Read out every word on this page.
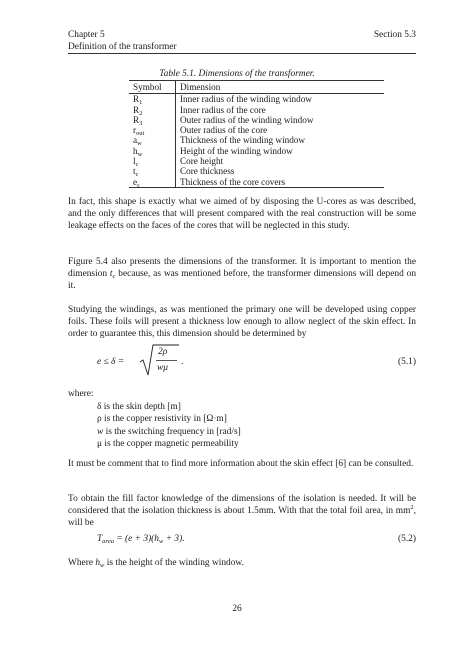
Chapter 5	Section 5.3
Definition of the transformer
Table 5.1. Dimensions of the transformer.
Symbol	Dimension
$R_1$	Inner radius of the winding window
$R_2$	Inner radius of the core
$R_3$	Outer radius of the winding window
$r_{out}$	Outer radius of the core
$a_w$	Thickness of the winding window
$h_w$	Height of the winding window
$l_c$	Core height
$t_c$	Core thickness
$e_c$	Thickness of the core covers

In fact, this shape is exactly what we aimed of by disposing the U-cores as was described, and the only differences that will present compared with the real construction will be some leakage effects on the faces of the cores that will be neglected in this study.

Figure 5.4 also presents the dimensions of the transformer. It is important to mention the dimension $t_c$ because, as was mentioned before, the transformer dimensions will depend on it.

Studying the windings, as was mentioned the primary one will be developed using copper foils. These foils will present a thickness low enough to allow neglect of the skin effect. In order to guarantee this, this dimension should be determined by

e ≤ δ =
2ρ
wμ
.	(5.1)

where:

δ is the skin depth [m]
ρ is the copper resistivity in [Ω·m]
w is the switching frequency in [rad/s]
μ is the copper magnetic permeability

It must be comment that to find more information about the skin effect [6] can be consulted.

To obtain the fill factor knowledge of the dimensions of the isolation is needed. It will be considered that the isolation thickness is about 1.5mm. With that the total foil area, in $mm^2$, will be

$T_{area} = (e + 3)(h_w + 3)$.	(5.2)

Where $h_w$ is the height of the winding window.

26
